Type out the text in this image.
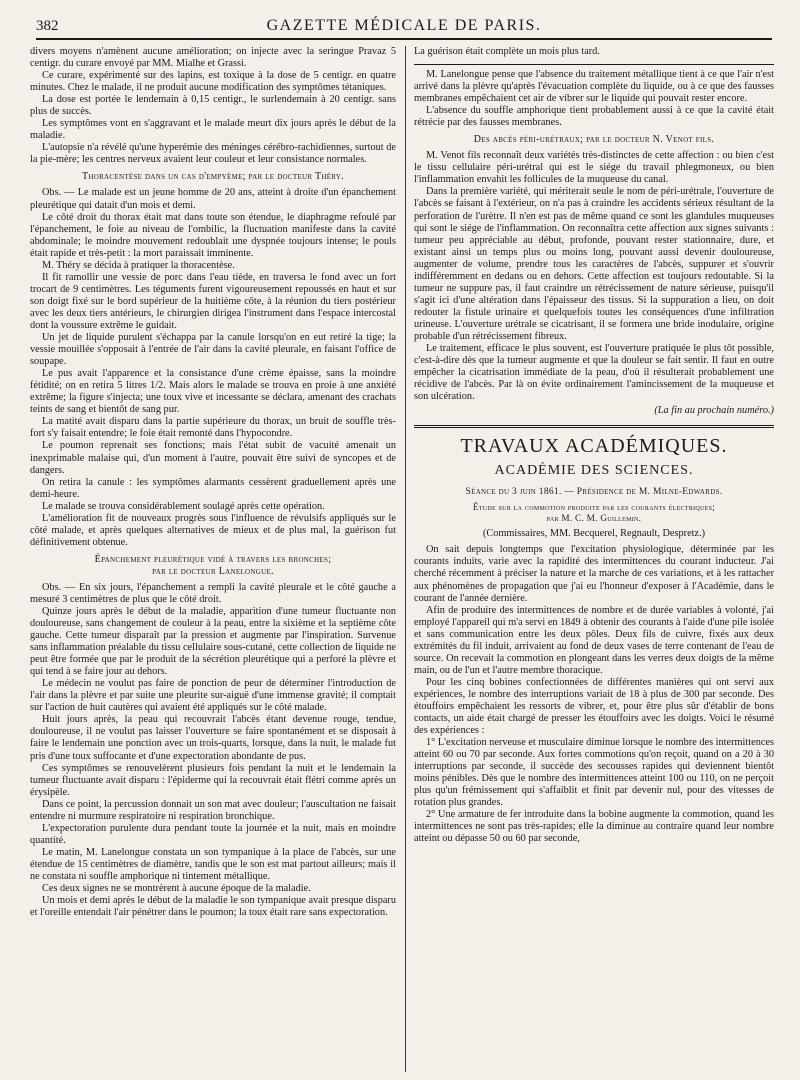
382	GAZETTE MÉDICALE DE PARIS.

divers moyens n'amènent aucune amélioration; on injecte avec la seringue Pravaz 5 centigr. du curare envoyé par MM. Mialhe et Grassi.

Ce curare, expérimenté sur des lapins, est toxique à la dose de 5 centigr. en quatre minutes. Chez le malade, il ne produit aucune modification des symptômes tétaniques.

La dose est portée le lendemain à 0,15 centigr., le surlendemain à 20 centigr. sans plus de succès.

Les symptômes vont en s'aggravant et le malade meurt dix jours après le début de la maladie.

L'autopsie n'a révélé qu'une hyperémie des méninges cérébro-rachidiennes, surtout de la pie-mère; les centres nerveux avaient leur couleur et leur consistance normales.

Thoracentèse dans un cas d'empyème; par le docteur Théry.

Obs. — Le malade est un jeune homme de 20 ans, atteint à droite d'un épanchement pleurétique qui datait d'un mois et demi.

Le côté droit du thorax était mat dans toute son étendue, le diaphragme refoulé par l'épanchement, le foie au niveau de l'ombilic, la fluctuation manifeste dans la cavité abdominale; le moindre mouvement redoublait une dyspnée toujours intense; le pouls était rapide et très-petit : la mort paraissait imminente.

M. Théry se décida à pratiquer la thoracentèse.

Il fit ramollir une vessie de porc dans l'eau tiède, en traversa le fond avec un fort trocart de 9 centimètres. Les téguments furent vigoureusement repoussés en haut et sur son doigt fixé sur le bord supérieur de la huitième côte, à la réunion du tiers postérieur avec les deux tiers antérieurs, le chirurgien dirigea l'instrument dans l'espace intercostal dont la voussure extrême le guidait.

Un jet de liquide purulent s'échappa par la canule lorsqu'on en eut retiré la tige; la vessie mouillée s'opposait à l'entrée de l'air dans la cavité pleurale, en faisant l'office de soupape.

Le pus avait l'apparence et la consistance d'une crème épaisse, sans la moindre fétidité; on en retira 5 litres 1/2. Mais alors le malade se trouva en proie à une anxiété extrême; la figure s'injecta; une toux vive et incessante se déclara, amenant des crachats teints de sang et bientôt de sang pur.

La matité avait disparu dans la partie supérieure du thorax, un bruit de souffle très-fort s'y faisait entendre; le foie était remonté dans l'hypocondre.

Le poumon reprenait ses fonctions; mais l'état subit de vacuité amenait un inexprimable malaise qui, d'un moment à l'autre, pouvait être suivi de syncopes et de dangers.

On retira la canule : les symptômes alarmants cessèrent graduellement après une demi-heure.

Le malade se trouva considérablement soulagé après cette opération.

L'amélioration fit de nouveaux progrès sous l'influence de révulsifs appliqués sur le côté malade, et après quelques alternatives de mieux et de plus mal, la guérison fut définitivement obtenue.

Épanchement pleurétique vidé à travers les bronches;
par le docteur Lanelongue.

Obs. — En six jours, l'épanchement a rempli la cavité pleurale et le côté gauche a mesuré 3 centimètres de plus que le côté droit.

Quinze jours après le début de la maladie, apparition d'une tumeur fluctuante non douloureuse, sans changement de couleur à la peau, entre la sixième et la septième côte gauche. Cette tumeur disparaît par la pression et augmente par l'inspiration. Survenue sans inflammation préalable du tissu cellulaire sous-cutané, cette collection de liquide ne peut être formée que par le produit de la sécrétion pleurétique qui a perforé la plèvre et qui tend à se faire jour au dehors.

Le médecin ne voulut pas faire de ponction de peur de déterminer l'introduction de l'air dans la plèvre et par suite une pleurite sur-aiguë d'une immense gravité; il comptait sur l'action de huit cautères qui avaient été appliqués sur le côté malade.

Huit jours après, la peau qui recouvrait l'abcès étant devenue rouge, tendue, douloureuse, il ne voulut pas laisser l'ouverture se faire spontanément et se disposait à faire le lendemain une ponction avec un trois-quarts, lorsque, dans la nuit, le malade fut pris d'une toux suffocante et d'une expectoration abondante de pus.

Ces symptômes se renouvelèrent plusieurs fois pendant la nuit et le lendemain la tumeur fluctuante avait disparu : l'épiderme qui la recouvrait était flétri comme après un érysipèle.

Dans ce point, la percussion donnait un son mat avec douleur; l'auscultation ne faisait entendre ni murmure respiratoire ni respiration bronchique.

L'expectoration purulente dura pendant toute la journée et la nuit, mais en moindre quantité.

Le matin, M. Lanelongue constata un son tympanique à la place de l'abcès, sur une étendue de 15 centimètres de diamètre, tandis que le son est mat partout ailleurs; mais il ne constata ni souffle amphorique ni tintement métallique.

Ces deux signes ne se montrèrent à aucune époque de la maladie.

Un mois et demi après le début de la maladie le son tympanique avait presque disparu et l'oreille entendait l'air pénétrer dans le poumon; la toux était rare sans expectoration.

La guérison était complète un mois plus tard.

M. Lanelongue pense que l'absence du traitement métallique tient à ce que l'air n'est arrivé dans la plèvre qu'après l'évacuation complète du liquide, ou à ce que des fausses membranes empêchaient cet air de vibrer sur le liquide qui pouvait rester encore.

L'absence du souffle amphorique tient probablement aussi à ce que la cavité était rétrécie par des fausses membranes.

Des abcès péri-urétraux; par le docteur N. Venot fils.

M. Venot fils reconnaît deux variétés très-distinctes de cette affection : ou bien c'est le tissu cellulaire péri-urétral qui est le siége du travail phlegmoneux, ou bien l'inflammation envahit les follicules de la muqueuse du canal.

Dans la première variété, qui mériterait seule le nom de péri-urétrale, l'ouverture de l'abcès se faisant à l'extérieur, on n'a pas à craindre les accidents sérieux résultant de la perforation de l'urètre. Il n'en est pas de même quand ce sont les glandules muqueuses qui sont le siége de l'inflammation. On reconnaîtra cette affection aux signes suivants : tumeur peu appréciable au début, profonde, pouvant rester stationnaire, dure, et existant ainsi un temps plus ou moins long, pouvant aussi devenir douloureuse, augmenter de volume, prendre tous les caractères de l'abcès, suppurer et s'ouvrir indifféremment en dedans ou en dehors. Cette affection est toujours redoutable. Si la tumeur ne suppure pas, il faut craindre un rétrécissement de nature sérieuse, puisqu'il s'agit ici d'une altération dans l'épaisseur des tissus. Si la suppuration a lieu, on doit redouter la fistule urinaire et quelquefois toutes les conséquences d'une infiltration urineuse. L'ouverture urétrale se cicatrisant, il se formera une bride inodulaire, origine probable d'un rétrécissement fibreux.

Le traitement, efficace le plus souvent, est l'ouverture pratiquée le plus tôt possible, c'est-à-dire dès que la tumeur augmente et que la douleur se fait sentir. Il faut en outre empêcher la cicatrisation immédiate de la peau, d'où il résulterait probablement une récidive de l'abcès. Par là on évite ordinairement l'amincissement de la muqueuse et son ulcération.

(La fin au prochain numéro.)
TRAVAUX ACADÉMIQUES.
ACADÉMIE DES SCIENCES.
Séance du 3 juin 1861. — Présidence de M. Milne-Edwards.
Étude sur la commotion produite par les courants électriques;
par M. C. M. Guillemin.
(Commissaires, MM. Becquerel, Regnault, Despretz.)

On sait depuis longtemps que l'excitation physiologique, déterminée par les courants induits, varie avec la rapidité des intermittences du courant inducteur. J'ai cherché récemment à préciser la nature et la marche de ces variations, et à les rattacher aux phénomènes de propagation que j'ai eu l'honneur d'exposer à l'Académie, dans le courant de l'année dernière.

Afin de produire des intermittences de nombre et de durée variables à volonté, j'ai employé l'appareil qui m'a servi en 1849 à obtenir des courants à l'aide d'une pile isolée et sans communication entre les deux pôles. Deux fils de cuivre, fixés aux deux extrémités du fil induit, arrivaient au fond de deux vases de terre contenant de l'eau de source. On recevait la commotion en plongeant dans les verres deux doigts de la même main, ou de l'un et l'autre membre thoracique.

Pour les cinq bobines confectionnées de différentes manières qui ont servi aux expériences, le nombre des interruptions variait de 18 à plus de 300 par seconde. Des étouffoirs empêchaient les ressorts de vibrer, et, pour être plus sûr d'établir de bons contacts, un aide était chargé de presser les étouffoirs avec les doigts. Voici le résumé des expériences :

1° L'excitation nerveuse et musculaire diminue lorsque le nombre des intermittences atteint 60 ou 70 par seconde. Aux fortes commotions qu'on reçoit, quand on a 20 à 30 interruptions par seconde, il succède des secousses rapides qui deviennent bientôt moins pénibles. Dès que le nombre des intermittences atteint 100 ou 110, on ne perçoit plus qu'un frémissement qui s'affaiblit et finit par devenir nul, pour des vitesses de rotation plus grandes.

2° Une armature de fer introduite dans la bobine augmente la commotion, quand les intermittences ne sont pas très-rapides; elle la diminue au contraire quand leur nombre atteint ou dépasse 50 ou 60 par seconde,
